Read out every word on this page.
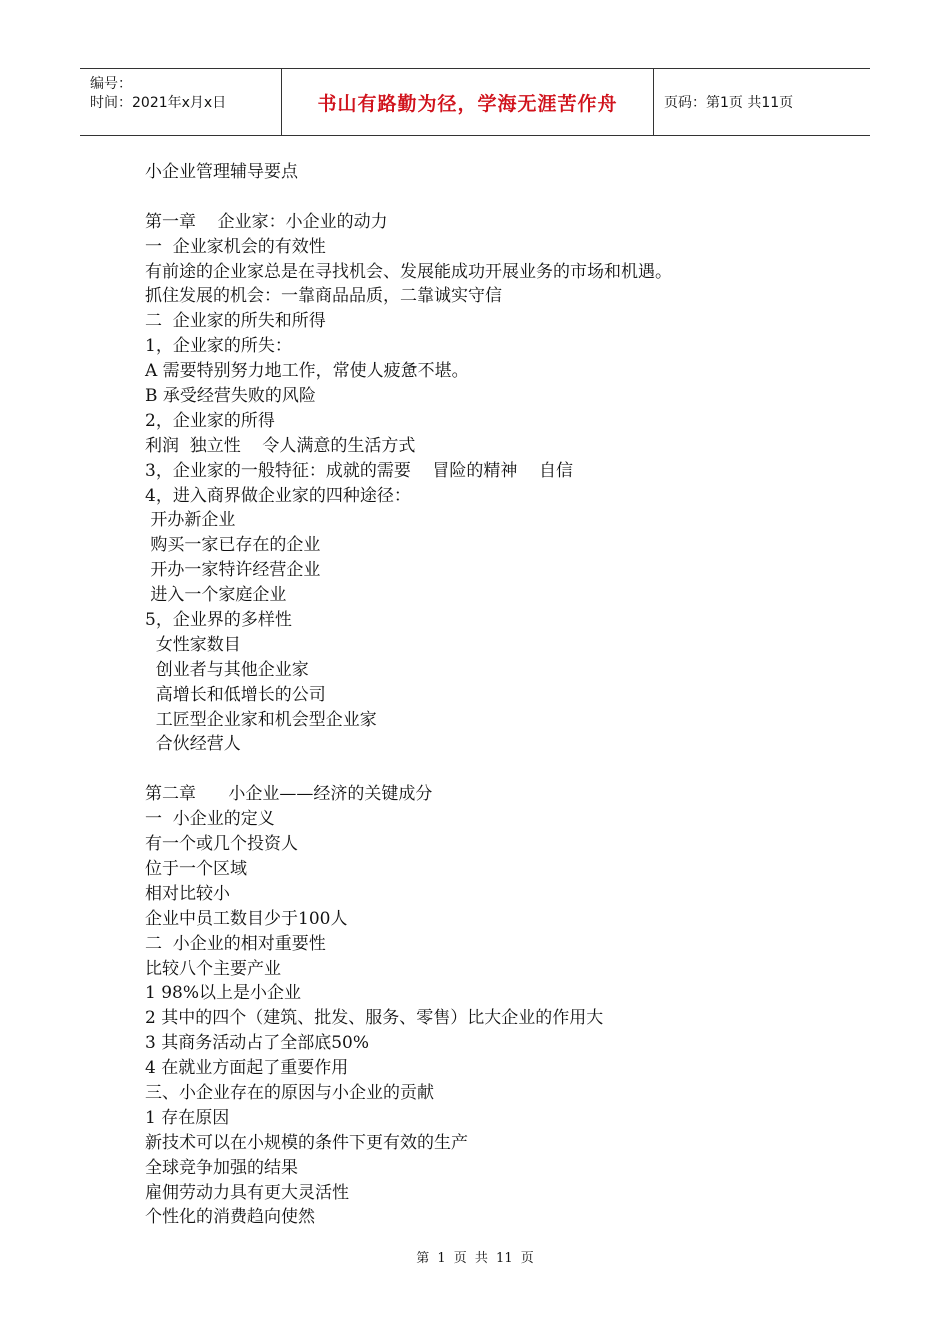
编号：
时间：2021年x月x日	书山有路勤为径，学海无涯苦作舟	页码：第1页 共11页
小企业管理辅导要点
第一章    企业家：小企业的动力
一  企业家机会的有效性
有前途的企业家总是在寻找机会、发展能成功开展业务的市场和机遇。
抓住发展的机会：一靠商品品质，二靠诚实守信
二  企业家的所失和所得
1，企业家的所失：
A 需要特别努力地工作，常使人疲惫不堪。
B 承受经营失败的风险
2，企业家的所得
利润  独立性    令人满意的生活方式
3，企业家的一般特征：成就的需要    冒险的精神    自信
4，进入商界做企业家的四种途径：
开办新企业
购买一家已存在的企业
开办一家特许经营企业
进入一个家庭企业
5，企业界的多样性
女性家数目
创业者与其他企业家
高增长和低增长的公司
工匠型企业家和机会型企业家
合伙经营人
第二章      小企业——经济的关键成分
一  小企业的定义
有一个或几个投资人
位于一个区域
相对比较小
企业中员工数目少于100人
二  小企业的相对重要性
比较八个主要产业
1 98%以上是小企业
2 其中的四个（建筑、批发、服务、零售）比大企业的作用大
3 其商务活动占了全部底50%
4 在就业方面起了重要作用
三、小企业存在的原因与小企业的贡献
1 存在原因
新技术可以在小规模的条件下更有效的生产
全球竞争加强的结果
雇佣劳动力具有更大灵活性
个性化的消费趋向使然
第 1 页 共 11 页
